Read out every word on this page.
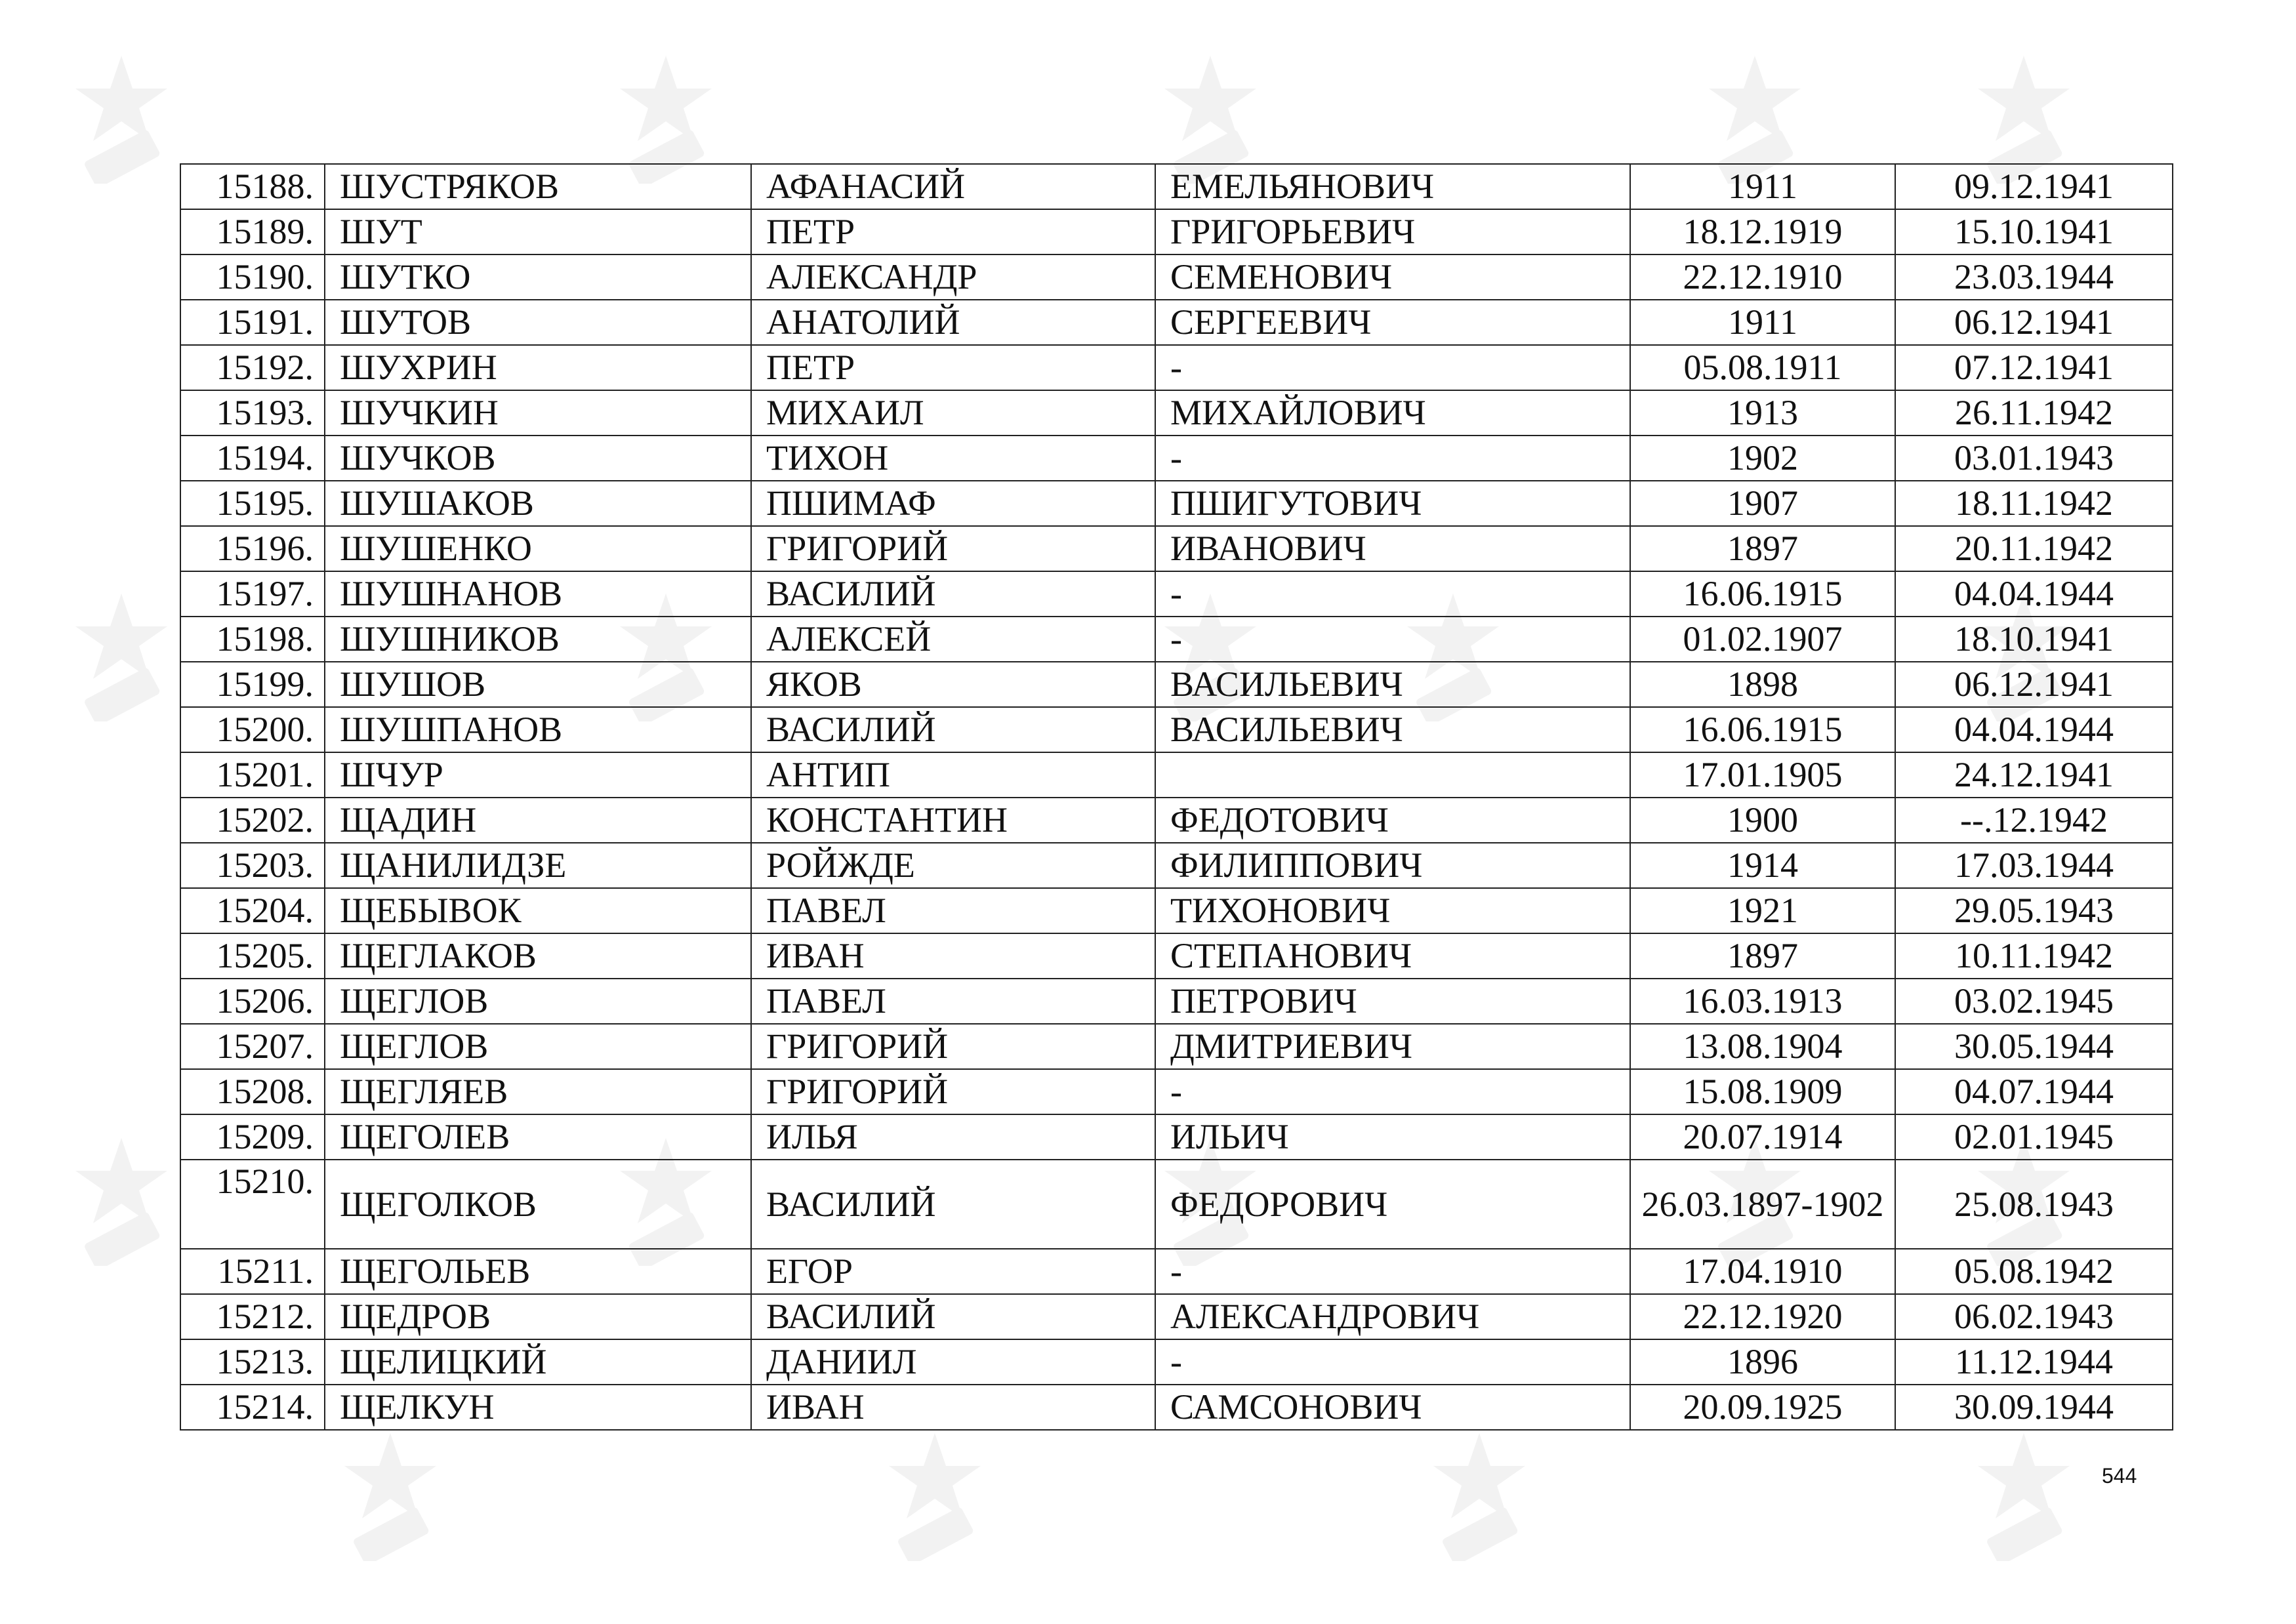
15188.	ШУСТРЯКОВ	АФАНАСИЙ	ЕМЕЛЬЯНОВИЧ	1911	09.12.1941
15189.	ШУТ	ПЕТР	ГРИГОРЬЕВИЧ	18.12.1919	15.10.1941
15190.	ШУТКО	АЛЕКСАНДР	СЕМЕНОВИЧ	22.12.1910	23.03.1944
15191.	ШУТОВ	АНАТОЛИЙ	СЕРГЕЕВИЧ	1911	06.12.1941
15192.	ШУХРИН	ПЕТР	-	05.08.1911	07.12.1941
15193.	ШУЧКИН	МИХАИЛ	МИХАЙЛОВИЧ	1913	26.11.1942
15194.	ШУЧКОВ	ТИХОН	-	1902	03.01.1943
15195.	ШУШАКОВ	ПШИМАФ	ПШИГУТОВИЧ	1907	18.11.1942
15196.	ШУШЕНКО	ГРИГОРИЙ	ИВАНОВИЧ	1897	20.11.1942
15197.	ШУШНАНОВ	ВАСИЛИЙ	-	16.06.1915	04.04.1944
15198.	ШУШНИКОВ	АЛЕКСЕЙ	-	01.02.1907	18.10.1941
15199.	ШУШОВ	ЯКОВ	ВАСИЛЬЕВИЧ	1898	06.12.1941
15200.	ШУШПАНОВ	ВАСИЛИЙ	ВАСИЛЬЕВИЧ	16.06.1915	04.04.1944
15201.	ШЧУР	АНТИП		17.01.1905	24.12.1941
15202.	ЩАДИН	КОНСТАНТИН	ФЕДОТОВИЧ	1900	--.12.1942
15203.	ЩАНИЛИДЗЕ	РОЙЖДЕ	ФИЛИППОВИЧ	1914	17.03.1944
15204.	ЩЕБЫВОК	ПАВЕЛ	ТИХОНОВИЧ	1921	29.05.1943
15205.	ЩЕГЛАКОВ	ИВАН	СТЕПАНОВИЧ	1897	10.11.1942
15206.	ЩЕГЛОВ	ПАВЕЛ	ПЕТРОВИЧ	16.03.1913	03.02.1945
15207.	ЩЕГЛОВ	ГРИГОРИЙ	ДМИТРИЕВИЧ	13.08.1904	30.05.1944
15208.	ЩЕГЛЯЕВ	ГРИГОРИЙ	-	15.08.1909	04.07.1944
15209.	ЩЕГОЛЕВ	ИЛЬЯ	ИЛЬИЧ	20.07.1914	02.01.1945
15210.	ЩЕГОЛКОВ	ВАСИЛИЙ	ФЕДОРОВИЧ	26.03.1897-1902	25.08.1943
15211.	ЩЕГОЛЬЕВ	ЕГОР	-	17.04.1910	05.08.1942
15212.	ЩЕДРОВ	ВАСИЛИЙ	АЛЕКСАНДРОВИЧ	22.12.1920	06.02.1943
15213.	ЩЕЛИЦКИЙ	ДАНИИЛ	-	1896	11.12.1944
15214.	ЩЕЛКУН	ИВАН	САМСОНОВИЧ	20.09.1925	30.09.1944
544
